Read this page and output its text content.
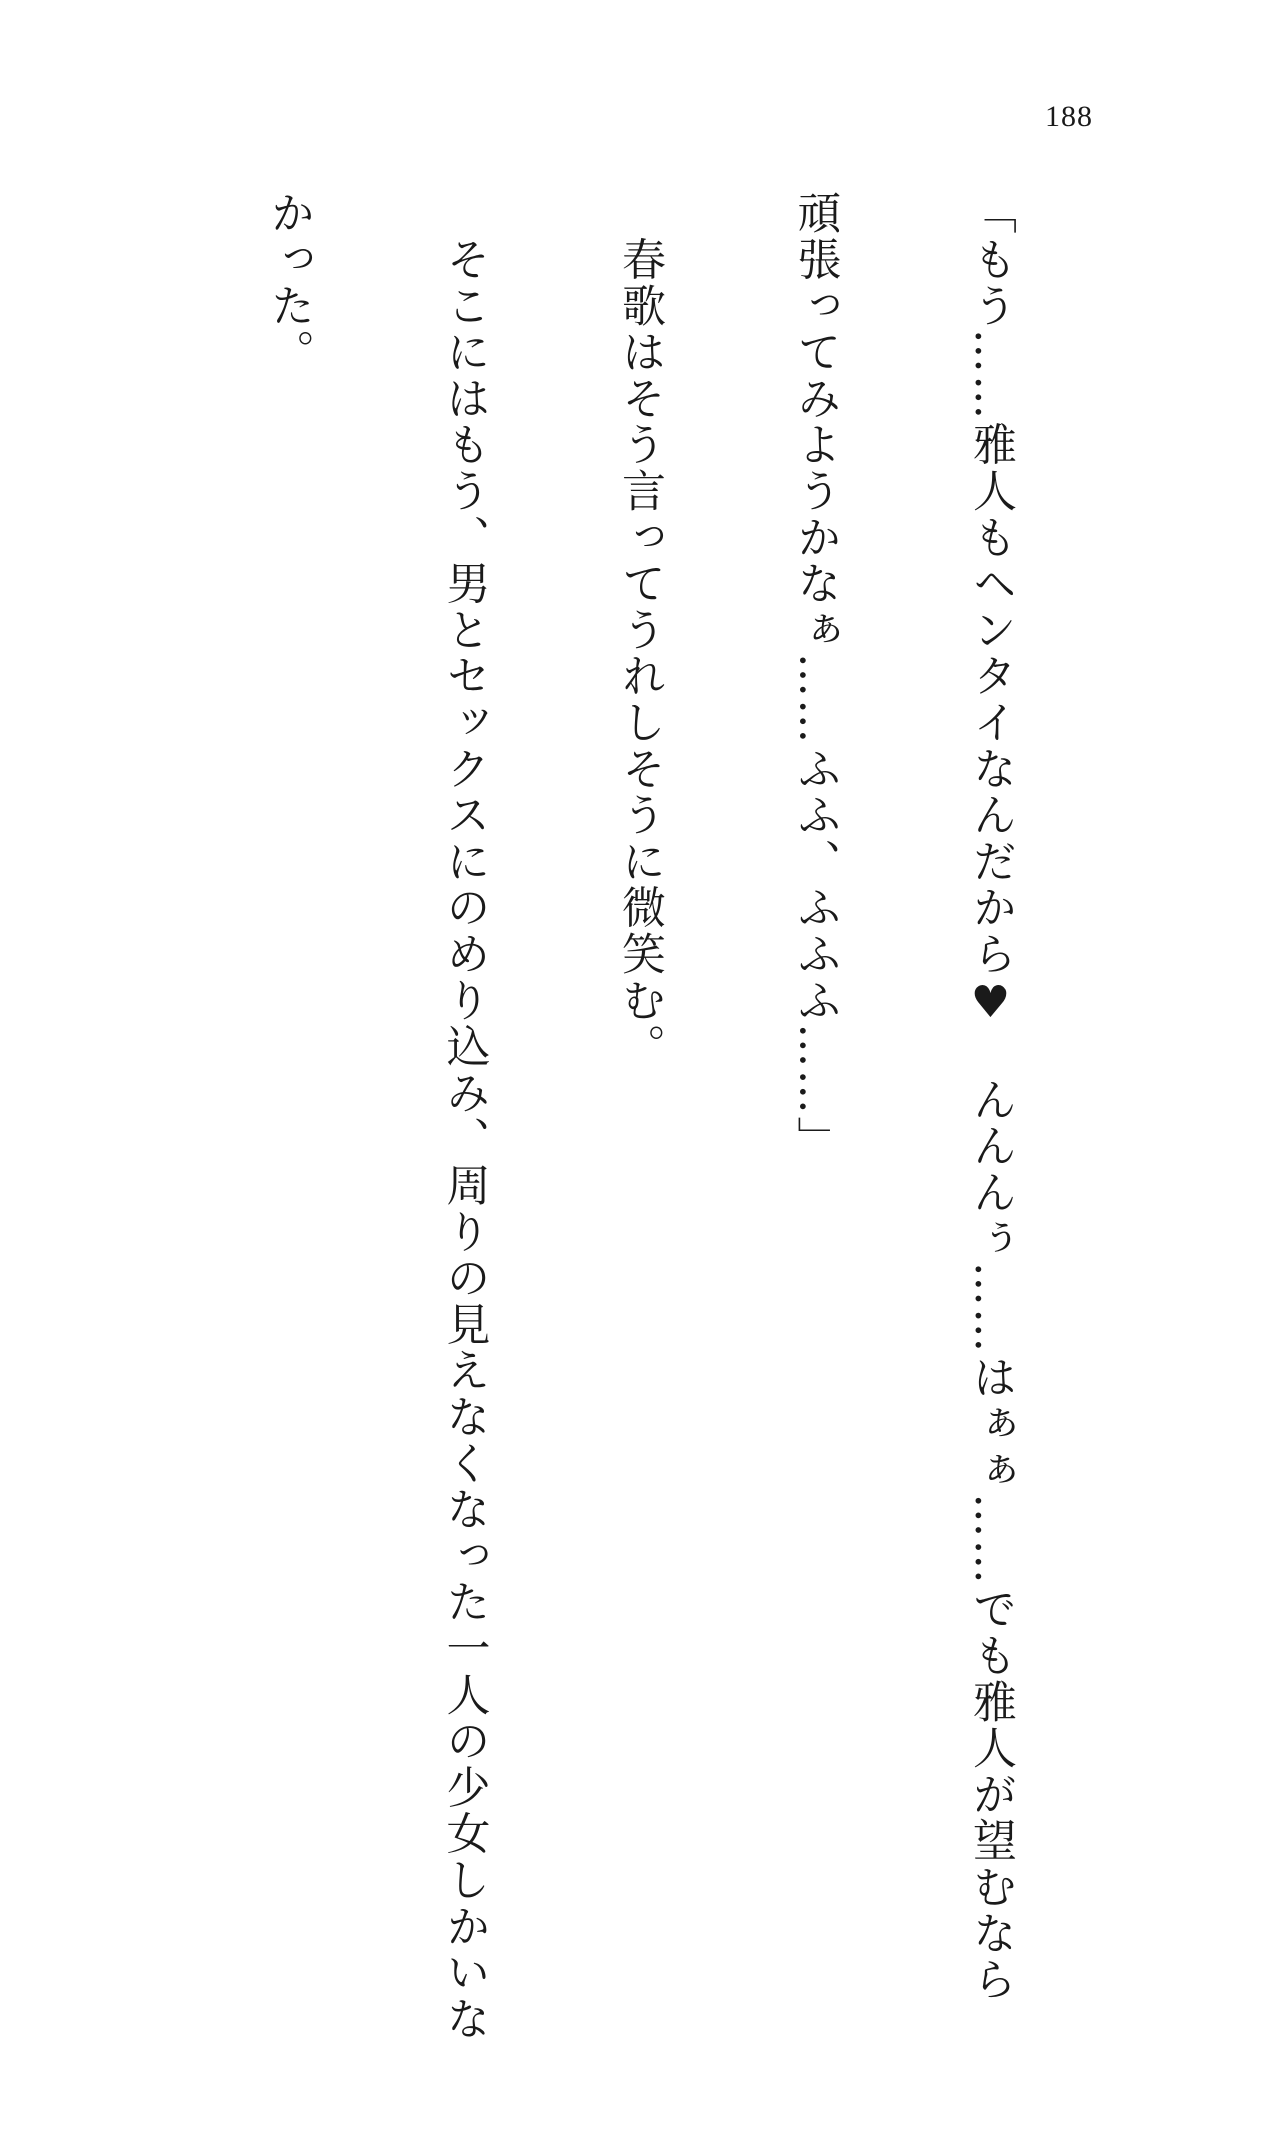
188

「もう……雅人もヘンタイなんだから♥　んんんぅ……はぁぁ……でも雅人が望むなら

頑張ってみようかなぁ……ふふ、ふふふ……」

　春歌はそう言ってうれしそうに微笑む。

　そこにはもう、男とセックスにのめり込み、周りの見えなくなった一人の少女しかいな

かった。
